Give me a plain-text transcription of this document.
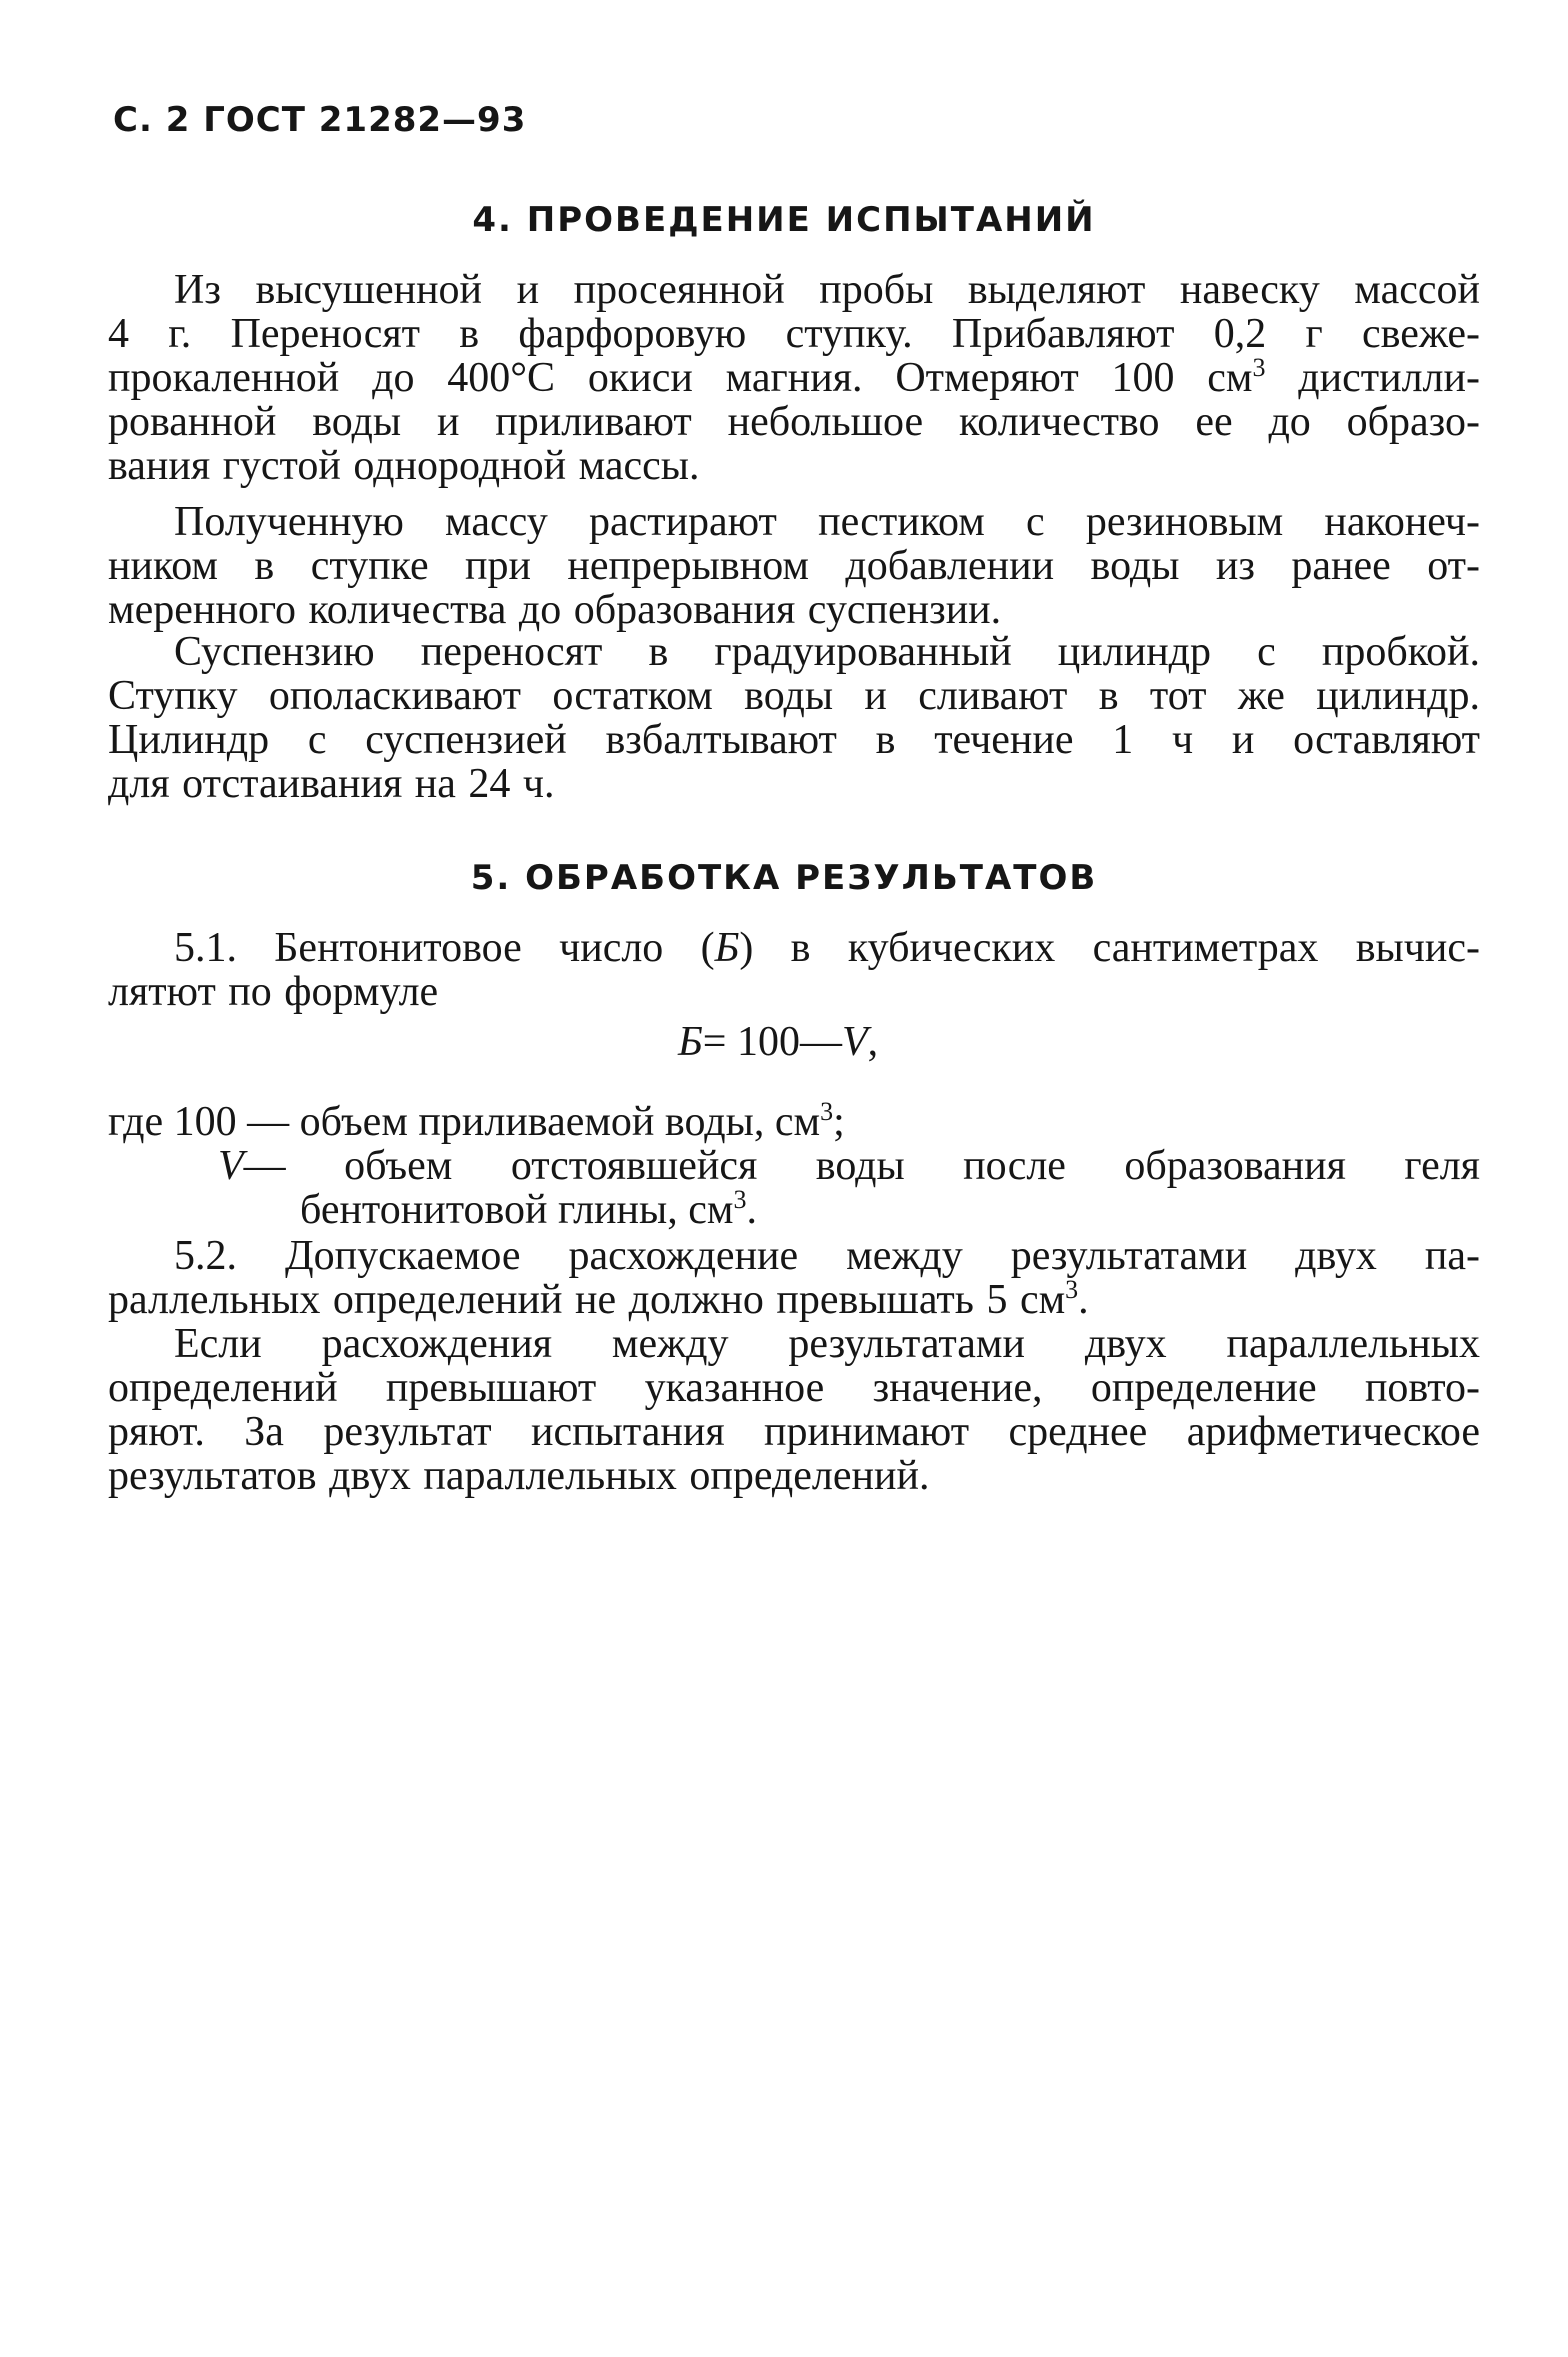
С. 2 ГОСТ 21282—93
4. ПРОВЕДЕНИЕ ИСПЫТАНИЙ
Из высушенной и просеянной пробы выделяют навеску массой
4 г. Переносят в фарфоровую ступку. Прибавляют 0,2 г свеже-
прокаленной до 400°С окиси магния. Отмеряют 100 $см^3$ дистилли-
рованной воды и приливают небольшое количество ее до образо-
вания густой однородной массы.
Полученную массу растирают пестиком с резиновым наконеч-
ником в ступке при непрерывном добавлении воды из ранее от-
меренного количества до образования суспензии.
Суспензию переносят в градуированный цилиндр с пробкой.
Ступку ополаскивают остатком воды и сливают в тот же цилиндр.
Цилиндр с суспензией взбалтывают в течение 1 ч и оставляют
для отстаивания на 24 ч.
5. ОБРАБОТКА РЕЗУЛЬТАТОВ
5.1. Бентонитовое число (Б) в кубических сантиметрах вычис-
лятют по формуле
Б= 100—V,
где 100 — объем приливаемой воды, $см^3$;
V — объем отстоявшейся воды после образования геля
бентонитовой глины, $см^3$.
5.2. Допускаемое расхождение между результатами двух па-
раллельных определений не должно превышать 5 $см^3$.
Если расхождения между результатами двух параллельных
определений превышают указанное значение, определение повто-
ряют. За результат испытания принимают среднее арифметическое
результатов двух параллельных определений.
